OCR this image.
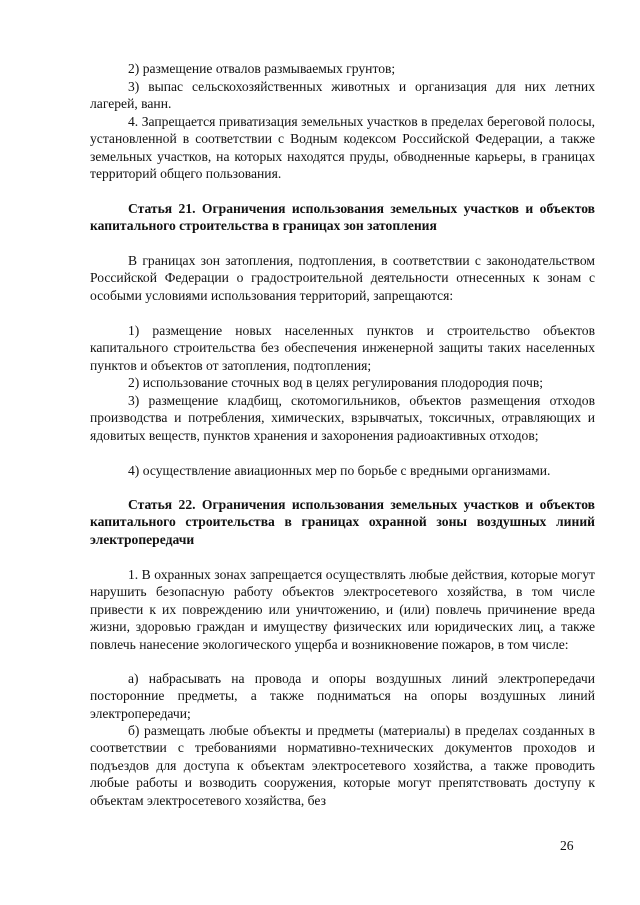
2) размещение отвалов размываемых грунтов;

3) выпас сельскохозяйственных животных и организация для них летних лагерей, ванн.

4. Запрещается приватизация земельных участков в пределах береговой полосы, установленной в соответствии с Водным кодексом Российской Федерации, а также земельных участков, на которых находятся пруды, обводненные карьеры, в границах территорий общего пользования.

Статья 21. Ограничения использования земельных участков и объектов капитального строительства в границах зон затопления

В границах зон затопления, подтопления, в соответствии с законодательством Российской Федерации о градостроительной деятельности отнесенных к зонам с особыми условиями использования территорий, запрещаются:

1) размещение новых населенных пунктов и строительство объектов капитального строительства без обеспечения инженерной защиты таких населенных пунктов и объектов от затопления, подтопления;

2) использование сточных вод в целях регулирования плодородия почв;

3) размещение кладбищ, скотомогильников, объектов размещения отходов производства и потребления, химических, взрывчатых, токсичных, отравляющих и ядовитых веществ, пунктов хранения и захоронения радиоактивных отходов;

4) осуществление авиационных мер по борьбе с вредными организмами.

Статья 22. Ограничения использования земельных участков и объектов капитального строительства в границах охранной зоны воздушных линий электропередачи

1. В охранных зонах запрещается осуществлять любые действия, которые могут нарушить безопасную работу объектов электросетевого хозяйства, в том числе привести к их повреждению или уничтожению, и (или) повлечь причинение вреда жизни, здоровью граждан и имуществу физических или юридических лиц, а также повлечь нанесение экологического ущерба и возникновение пожаров, в том числе:

а) набрасывать на провода и опоры воздушных линий электропередачи посторонние предметы, а также подниматься на опоры воздушных линий электропередачи;

б) размещать любые объекты и предметы (материалы) в пределах созданных в соответствии с требованиями нормативно-технических документов проходов и подъездов для доступа к объектам электросетевого хозяйства, а также проводить любые работы и возводить сооружения, которые могут препятствовать доступу к объектам электросетевого хозяйства, без

26
